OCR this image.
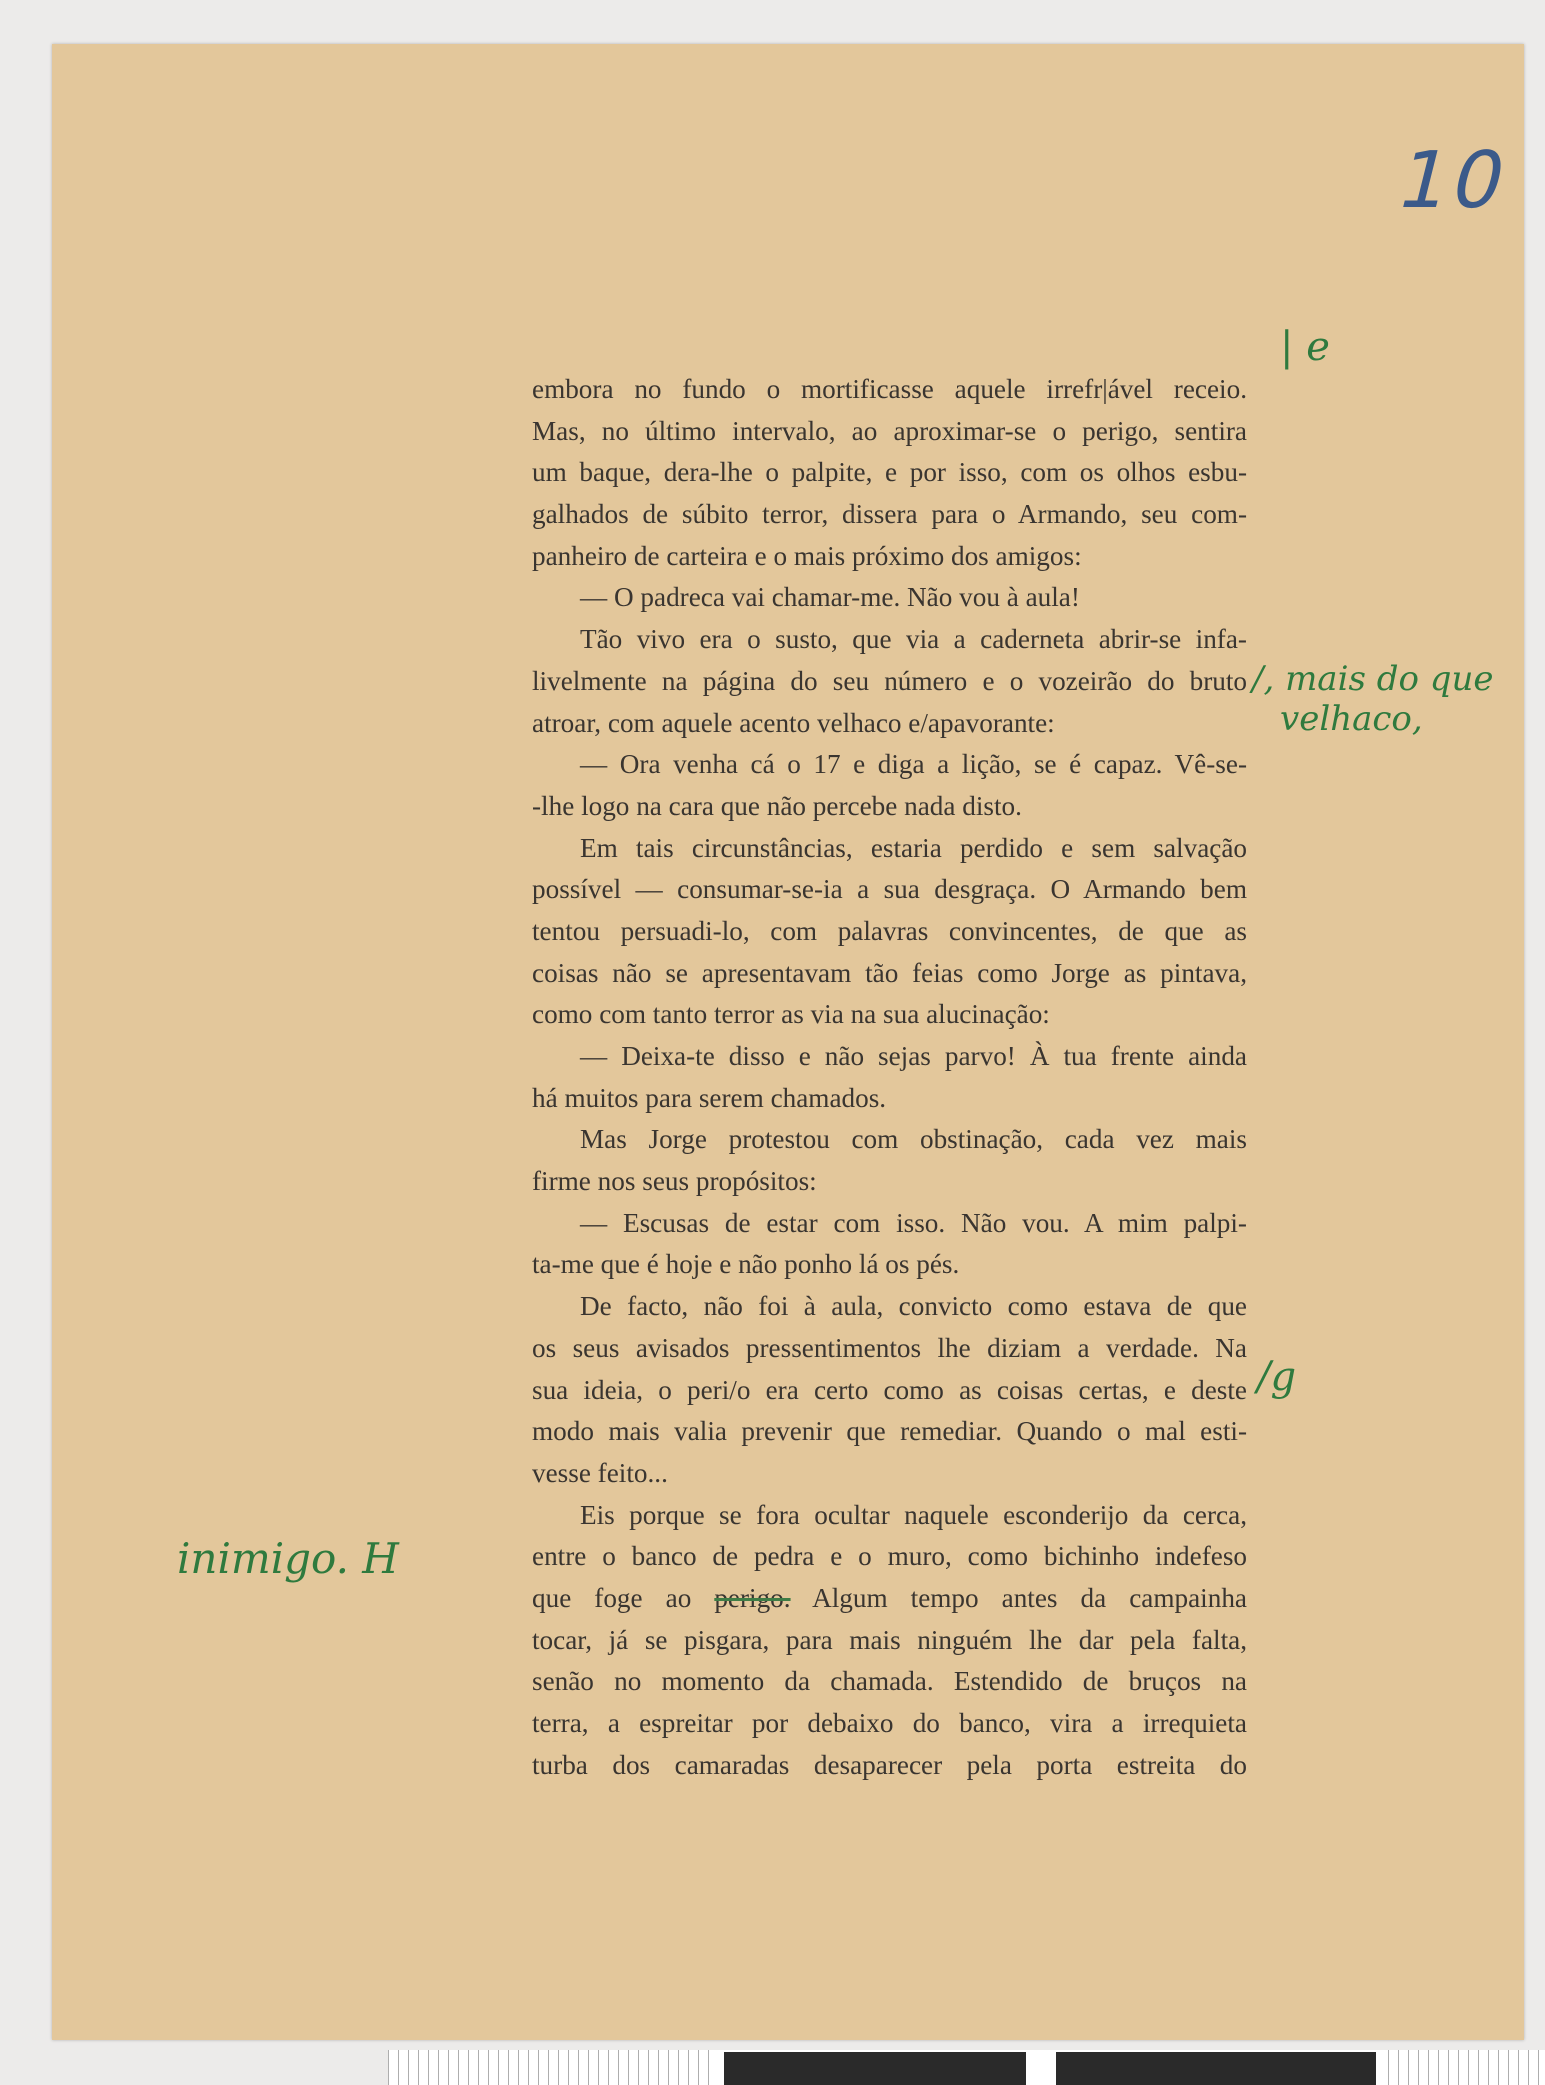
10
embora no fundo o mortificasse aquele irrefr|ável receio.
Mas, no último intervalo, ao aproximar-se o perigo, sentira
um baque, dera-lhe o palpite, e por isso, com os olhos esbu-
galhados de súbito terror, dissera para o Armando, seu com-
panheiro de carteira e o mais próximo dos amigos:
— O padreca vai chamar-me. Não vou à aula!
Tão vivo era o susto, que via a caderneta abrir-se infa-
livelmente na página do seu número e o vozeirão do bruto
atroar, com aquele acento velhaco e/apavorante:
— Ora venha cá o 17 e diga a lição, se é capaz. Vê-se-
-lhe logo na cara que não percebe nada disto.
Em tais circunstâncias, estaria perdido e sem salvação
possível — consumar-se-ia a sua desgraça. O Armando bem
tentou persuadi-lo, com palavras convincentes, de que as
coisas não se apresentavam tão feias como Jorge as pintava,
como com tanto terror as via na sua alucinação:
— Deixa-te disso e não sejas parvo! À tua frente ainda
há muitos para serem chamados.
Mas Jorge protestou com obstinação, cada vez mais
firme nos seus propósitos:
— Escusas de estar com isso. Não vou. A mim palpi-
ta-me que é hoje e não ponho lá os pés.
De facto, não foi à aula, convicto como estava de que
os seus avisados pressentimentos lhe diziam a verdade. Na
sua ideia, o peri/o era certo como as coisas certas, e deste
modo mais valia prevenir que remediar. Quando o mal esti-
vesse feito...
Eis porque se fora ocultar naquele esconderijo da cerca,
entre o banco de pedra e o muro, como bichinho indefeso
que foge ao perigo. Algum tempo antes da campainha
tocar, já se pisgara, para mais ninguém lhe dar pela falta,
senão no momento da chamada. Estendido de bruços na
terra, a espreitar por debaixo do banco, vira a irrequieta
turba dos camaradas desaparecer pela porta estreita do
| e
/, mais do que
velhaco,
/g
inimigo. H
